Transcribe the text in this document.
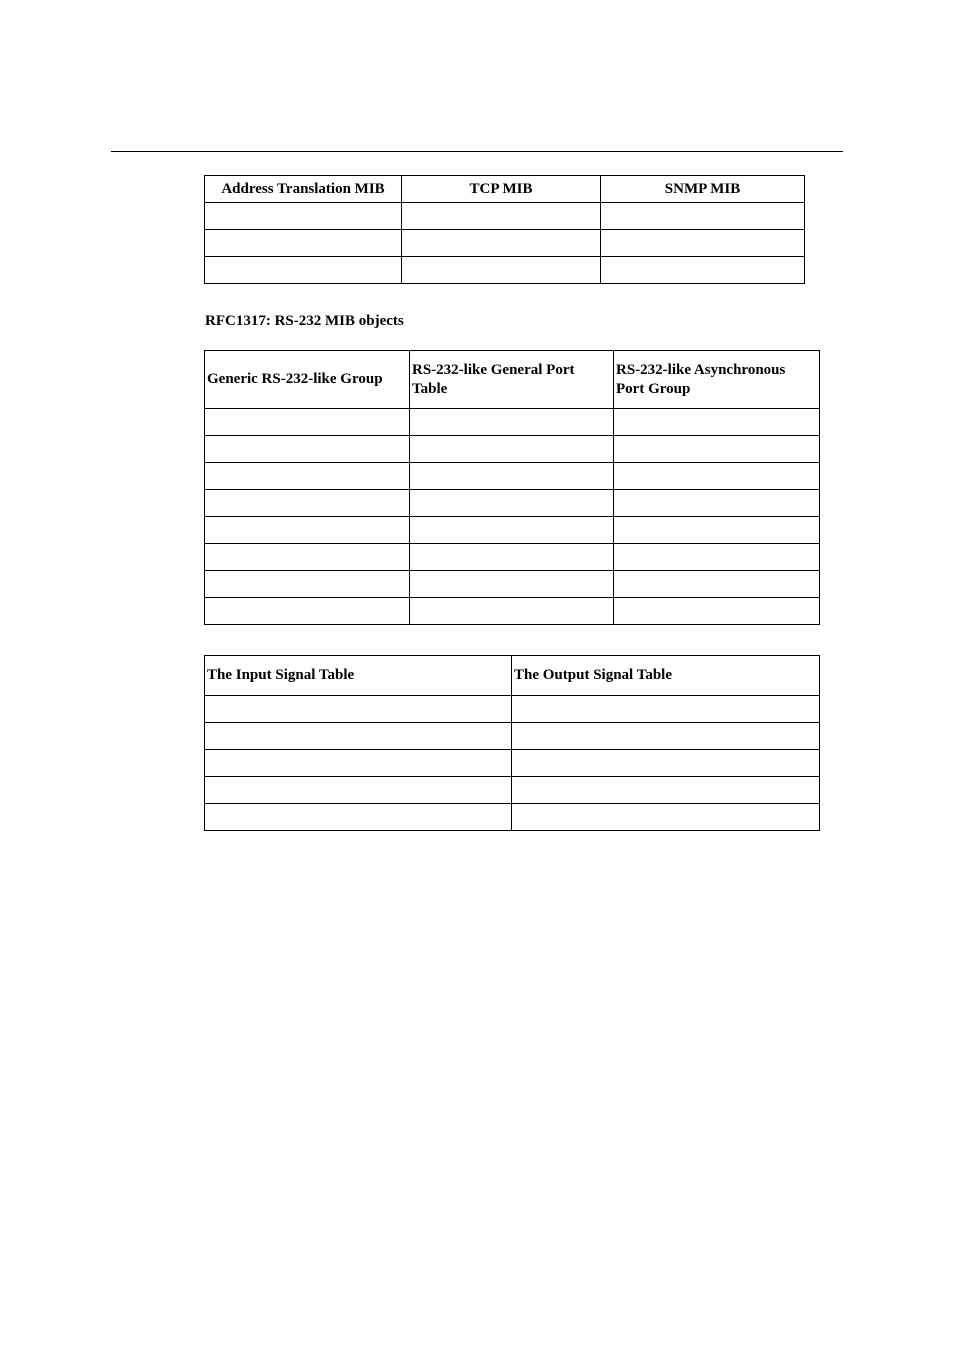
Address Translation MIB	TCP MIB	SNMP MIB

RFC1317: RS-232 MIB objects
Generic RS-232-like Group	RS-232-like General Port Table	RS-232-like Asynchronous Port Group

The Input Signal Table	The Output Signal Table
